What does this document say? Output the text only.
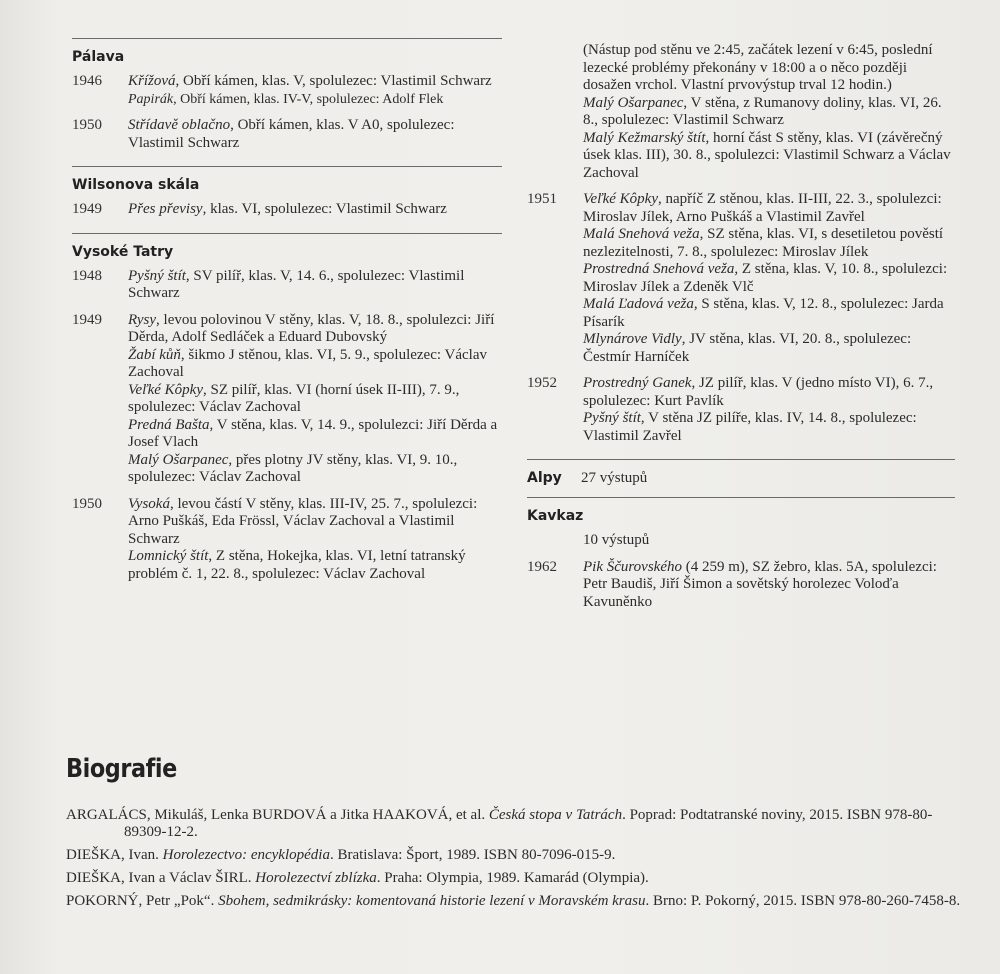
Pálava
1946	Křížová, Obří kámen, klas. V, spolulezec: Vlastimil Schwarz
Papirák, Obří kámen, klas. IV-V, spolulezec: Adolf Flek
1950	Střídavě oblačno, Obří kámen, klas. V A0, spolulezec: Vlastimil Schwarz
Wilsonova skála
1949	Přes převisy, klas. VI, spolulezec: Vlastimil Schwarz
Vysoké Tatry
1948	Pyšný štít, SV pilíř, klas. V, 14. 6., spolulezec: Vlastimil Schwarz
1949	Rysy, levou polovinou V stěny, klas. V, 18. 8., spolulezci: Jiří Děrda, Adolf Sedláček a Eduard Dubovský
Žabí kůň, šikmo J stěnou, klas. VI, 5. 9., spolulezec: Václav Zachoval
Veľké Kôpky, SZ pilíř, klas. VI (horní úsek II-III), 7. 9., spolulezec: Václav Zachoval
Predná Bašta, V stěna, klas. V, 14. 9., spolulezci: Jiří Děrda a Josef Vlach
Malý Ošarpanec, přes plotny JV stěny, klas. VI, 9. 10., spolulezec: Václav Zachoval
1950	Vysoká, levou částí V stěny, klas. III-IV, 25. 7., spolulezci: Arno Puškáš, Eda Frössl, Václav Zachoval a Vlastimil Schwarz
Lomnický štít, Z stěna, Hokejka, klas. VI, letní tatranský problém č. 1, 22. 8., spolulezec: Václav Zachoval
(Nástup pod stěnu ve 2:45, začátek lezení v 6:45, poslední lezecké problémy překonány v 18:00 a o něco později dosažen vrchol. Vlastní prvovýstup trval 12 hodin.)
Malý Ošarpanec, V stěna, z Rumanovy doliny, klas. VI, 26. 8., spolulezec: Vlastimil Schwarz
Malý Kežmarský štít, horní část S stěny, klas. VI (závěrečný úsek klas. III), 30. 8., spolulezci: Vlastimil Schwarz a Václav Zachoval
1951	Veľké Kôpky, napříč Z stěnou, klas. II-III, 22. 3., spolulezci: Miroslav Jílek, Arno Puškáš a Vlastimil Zavřel
Malá Snehová veža, SZ stěna, klas. VI, s desetiletou pověstí nezlezitelnosti, 7. 8., spolulezec: Miroslav Jílek
Prostredná Snehová veža, Z stěna, klas. V, 10. 8., spolulezci: Miroslav Jílek a Zdeněk Vlč
Malá Ľadová veža, S stěna, klas. V, 12. 8., spolulezec: Jarda Písarík
Mlynárove Vidly, JV stěna, klas. VI, 20. 8., spolulezec: Čestmír Harníček
1952	Prostredný Ganek, JZ pilíř, klas. V (jedno místo VI), 6. 7., spolulezec: Kurt Pavlík
Pyšný štít, V stěna JZ pilíře, klas. IV, 14. 8., spolulezec: Vlastimil Zavřel
Alpy	27 výstupů
Kavkaz
10 výstupů
1962	Pik Ščurovského (4 259 m), SZ žebro, klas. 5A, spolulezci: Petr Baudiš, Jiří Šimon a sovětský horolezec Voloďa Kavuněnko
Biografie
ARGALÁCS, Mikuláš, Lenka BURDOVÁ a Jitka HAAKOVÁ, et al. Česká stopa v Tatrách. Poprad: Podtatranské noviny, 2015. ISBN 978-80-89309-12-2.
DIEŠKA, Ivan. Horolezectvo: encyklopédia. Bratislava: Šport, 1989. ISBN 80-7096-015-9.
DIEŠKA, Ivan a Václav ŠIRL. Horolezectví zblízka. Praha: Olympia, 1989. Kamarád (Olympia).
POKORNÝ, Petr „Pok“. Sbohem, sedmikrásky: komentovaná historie lezení v Moravském krasu. Brno: P. Pokorný, 2015. ISBN 978-80-260-7458-8.
